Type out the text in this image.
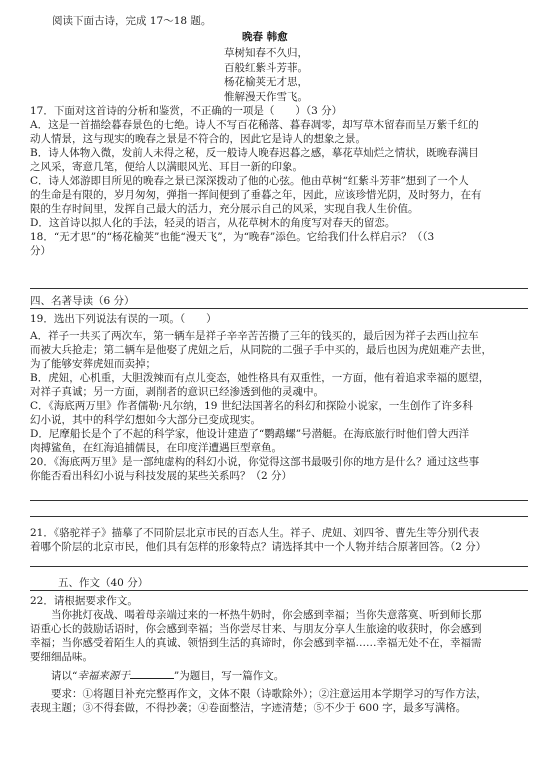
阅读下面古诗，完成 17～18 题。
晚春 韩愈
草树知春不久归，
百般红紫斗芳菲。
杨花榆荚无才思，
惟解漫天作雪飞。
17．下面对这首诗的分析和鉴赏，不正确的一项是（　　）（3 分）
A．这是一首描绘暮春景色的七绝。诗人不写百花稀落、暮春凋零，却写草木留春而呈万紫千红的
动人情景，这与现实的晚春之景是不符合的，因此它是诗人的想象之景。
B．诗人体物入微，发前人未得之秘，反一般诗人晚春迟暮之感，摹花草灿烂之情状，既晚春满目
之风采，寄意几笔，便给人以满眼风光、耳目一新的印象。
C．诗人郊游即目所见的晚春之景已深深拨动了他的心弦。他由草树“红紫斗芳菲”想到了一个人
的生命是有限的，岁月匆匆，弹指一挥间便到了垂暮之年，因此，应该珍惜光阴，及时努力，在有
限的生存时间里，发挥自己最大的活力，充分展示自己的风采，实现自我人生价值。
D．这首诗以拟人化的手法，轻灵的语言，从花草树木的角度写对春天的留恋。
18．“无才思”的“杨花榆荚”也能“漫天飞”，为“晚春”添色。它给我们什么样启示？（（3
分）
四、名著导读（6 分）
19．选出下列说法有误的一项。（　　）
A．祥子一共买了两次车，第一辆车是祥子辛辛苦苦攒了三年的钱买的，最后因为祥子去西山拉车
而被大兵抢走；第二辆车是他娶了虎妞之后，从同院的二强子手中买的，最后也因为虎妞难产去世，
为了能够安葬虎妞而卖掉；
B．虎妞，心机重，大胆泼辣而有点儿变态，她性格具有双重性，一方面，他有着追求幸福的愿望，
对祥子真诚；另一方面，剥削者的意识已经渗透到他的灵魂中。
C．《海底两万里》作者儒勒·凡尔纳，19 世纪法国著名的科幻和探险小说家，一生创作了许多科
幻小说，其中的科学幻想如今大部分已变成现实。
D．尼摩船长是个了不起的科学家，他设计建造了“鹦鹉螺”号潜艇。在海底旅行时他们曾大西洋
肉搏鲨鱼，在红海追捕儒艮，在印度洋遭遇巨型章鱼。
20．《海底两万里》是一部纯虚构的科幻小说，你觉得这部书最吸引你的地方是什么？通过这些事
你能否看出科幻小说与科技发展的某些关系吗？（2 分）
21．《骆驼祥子》描摹了不同阶层北京市民的百态人生。祥子、虎妞、刘四爷、曹先生等分别代表
着哪个阶层的北京市民，他们具有怎样的形象特点？请选择其中一个人物并结合原著回答。（2 分）
五、作文（40 分）
22．请根据要求作文。
当你挑灯夜战、喝着母亲端过来的一杯热牛奶时，你会感到幸福；当你失意落寞、听到师长那
语重心长的鼓励话语时，你会感到幸福；当你尝尽甘来、与朋友分享人生旅途的收获时，你会感到
幸福；当你感受着陌生人的真诚、领悟到生活的真谛时，你会感到幸福……幸福无处不在，幸福需
要细细品味。
请以“幸福来源于	”为题目，写一篇作文。
要求：①将题目补充完整再作文，文体不限（诗歌除外）；②注意运用本学期学习的写作方法，
表现主题；③不得套做，不得抄袭；④卷面整洁，字迹清楚；⑤不少于 600 字，最多写满格。
